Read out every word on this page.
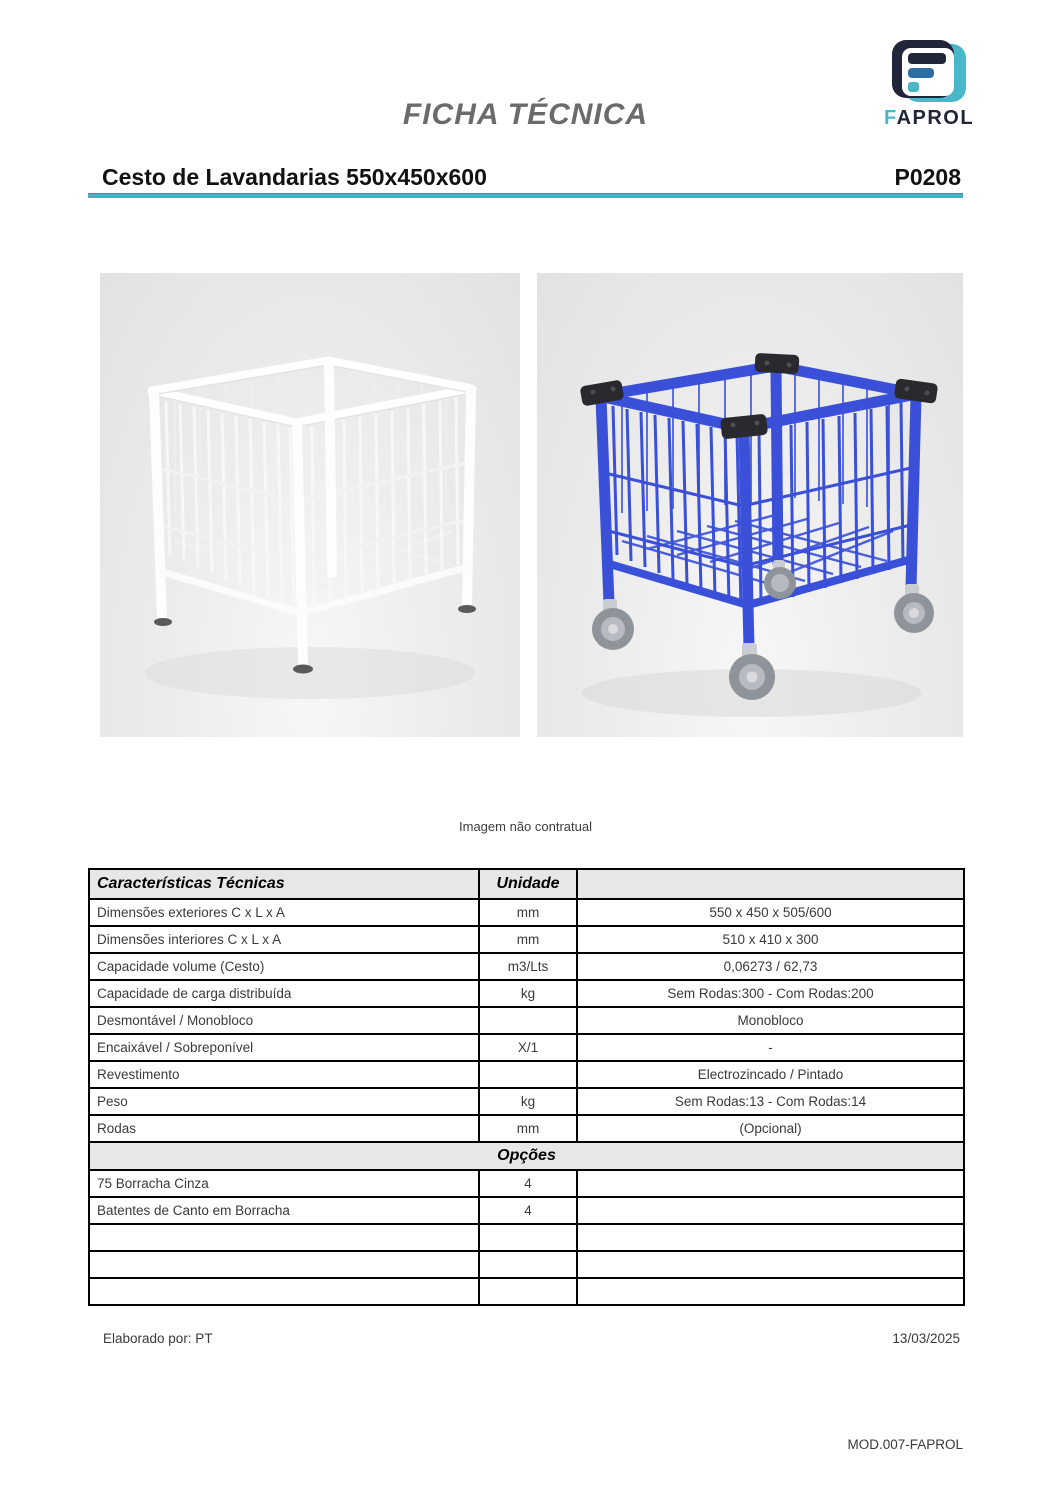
FAPROL
FICHA TÉCNICA
Cesto de Lavandarias 550x450x600	P0208
Imagem não contratual
Características Técnicas	Unidade	
Dimensões exteriores C x L x A	mm	550 x 450 x 505/600
Dimensões interiores C x L x A	mm	510 x 410 x 300
Capacidade volume (Cesto)	m3/Lts	0,06273 / 62,73
Capacidade de carga distribuída	kg	Sem Rodas:300 - Com Rodas:200
Desmontável / Monobloco		Monobloco
Encaixável / Sobreponível	X/1	-
Revestimento		Electrozincado / Pintado
Peso	kg	Sem Rodas:13 - Com Rodas:14
Rodas	mm	(Opcional)
Opções		
75 Borracha Cinza	4	
Batentes de Canto em Borracha	4	

Elaborado por: PT	13/03/2025
MOD.007-FAPROL
